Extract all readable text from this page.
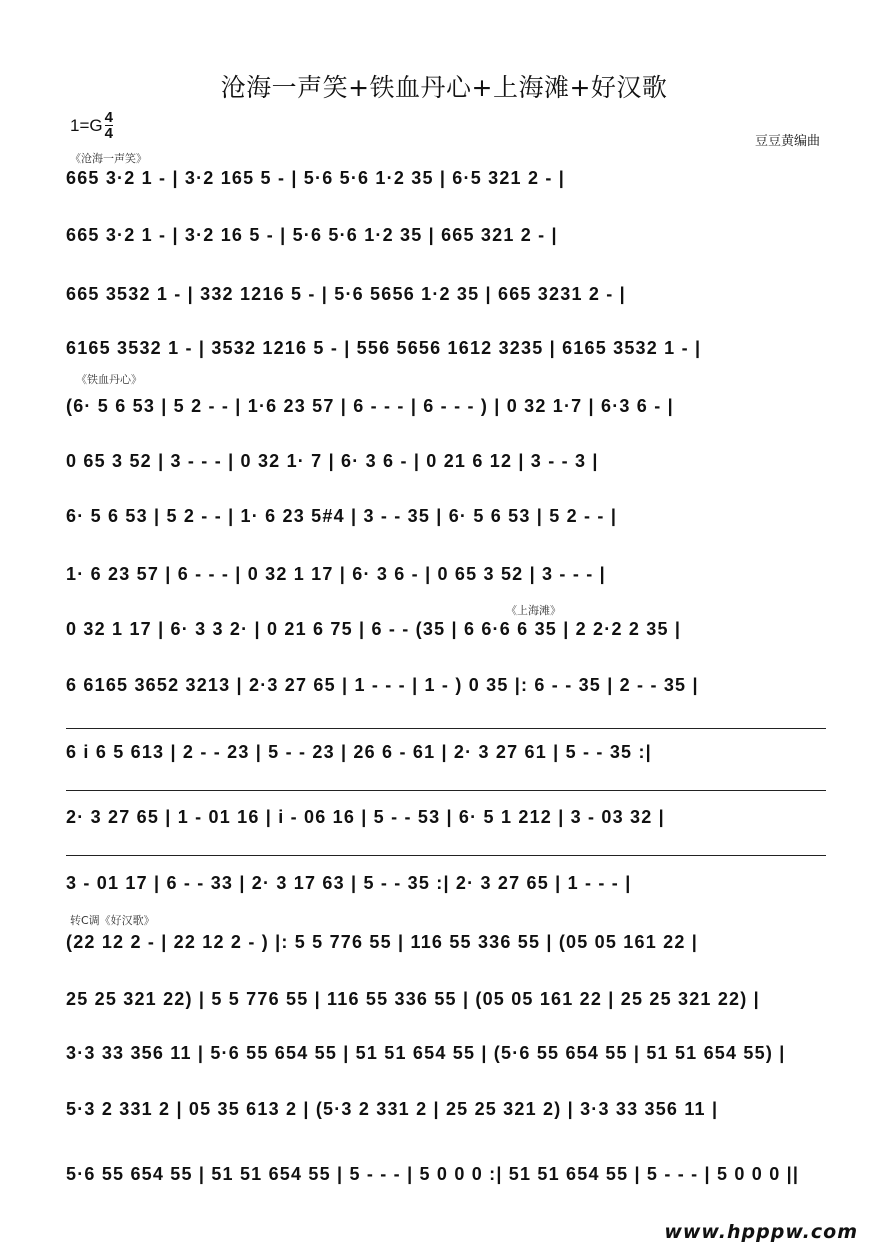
沧海一声笑+铁血丹心+上海滩+好汉歌
$1=G \frac{4}{4}$
豆豆黄编曲
《沧海一声笑》
《铁血丹心》
《上海滩》
转C调《好汉歌》
665 3·2 1 - | 3·2 165 5 - | 5·6 5·6 1·2 35 | 6·5 321 2 - |
665 3·2 1 - | 3·2 16 5 - | 5·6 5·6 1·2 35 | 665 321 2 - |
665 3532 1 - | 332 1216 5 - | 5·6 5656 1·2 35 | 665 3231 2 - |
6165 3532 1 - | 3532 1216 5 - | 556 5656 1612 3235 | 6165 3532 1 - |
(6· 5 6 53 | 5 2 - - | 1·6 23 57 | 6 - - - | 6 - - - ) | 0 32 1·7 | 6·3 6 - |
0 65 3 52 | 3 - - - | 0 32 1· 7 | 6· 3 6 - | 0 21 6 12 | 3 - - 3 |
6· 5 6 53 | 5 2 - - | 1· 6 23 5#4 | 3 - - 35 | 6· 5 6 53 | 5 2 - - |
1· 6 23 57 | 6 - - - | 0 32 1 17 | 6· 3 6 - | 0 65 3 52 | 3 - - - |
0 32 1 17 | 6· 3 3 2· | 0 21 6 75 | 6 - - (35 | 6 6·6 6 35 | 2 2·2 2 35 |
6 6165 3652 3213 | 2·3 27 65 | 1 - - - | 1 - ) 0 35 |: 6 - - 35 | 2 - - 35 |
6 i 6 5 613 | 2 - - 23 | 5 - - 23 | 26 6 - 61 | 2· 3 27 61 | 5 - - 35 :|
2· 3 27 65 | 1 - 01 16 | i - 06 16 | 5 - - 53 | 6· 5 1 212 | 3 - 03 32 |
3 - 01 17 | 6 - - 33 | 2· 3 17 63 | 5 - - 35 :| 2· 3 27 65 | 1 - - - |
(22 12 2 - | 22 12 2 - ) |: 5 5 776 55 | 116 55 336 55 | (05 05 161 22 |
25 25 321 22) | 5 5 776 55 | 116 55 336 55 | (05 05 161 22 | 25 25 321 22) |
3·3 33 356 11 | 5·6 55 654 55 | 51 51 654 55 | (5·6 55 654 55 | 51 51 654 55) |
5·3 2 331 2 | 05 35 613 2 | (5·3 2 331 2 | 25 25 321 2) | 3·3 33 356 11 |
5·6 55 654 55 | 51 51 654 55 | 5 - - - | 5 0 0 0 :| 51 51 654 55 | 5 - - - | 5 0 0 0 ||
www.hpppw.com
